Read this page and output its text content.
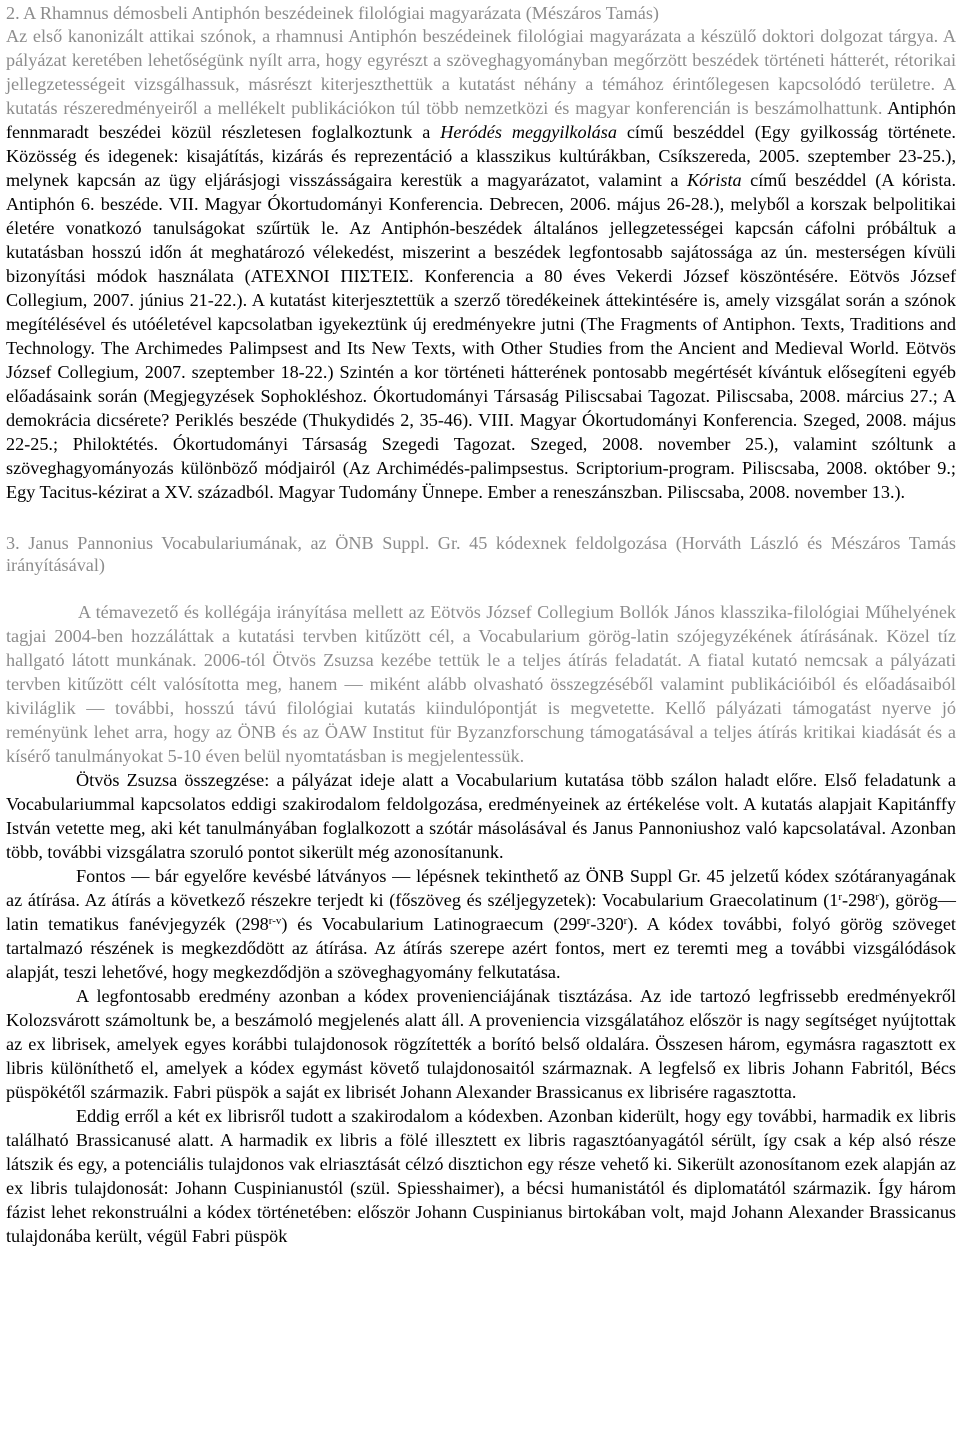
2. A Rhamnus démosbeli Antiphón beszédeinek filológiai magyarázata (Mészáros Tamás)

Az első kanonizált attikai szónok, a rhamnusi Antiphón beszédeinek filológiai magyarázata a készülő doktori dolgozat tárgya. A pályázat keretében lehetőségünk nyílt arra, hogy egyrészt a szöveghagyományban megőrzött beszédek történeti hátterét, rétorikai jellegzetességeit vizsgálhassuk, másrészt kiterjeszthettük a kutatást néhány a témához érintőlegesen kapcsolódó területre. A kutatás részeredményeiről a mellékelt publikációkon túl több nemzetközi és magyar konferencián is beszámolhattunk. Antiphón fennmaradt beszédei közül részletesen foglalkoztunk a Heródés meggyilkolása című beszéddel (Egy gyilkosság története. Közösség és idegenek: kisajátítás, kizárás és reprezentáció a klasszikus kultúrákban, Csíkszereda, 2005. szeptember 23-25.), melynek kapcsán az ügy eljárásjogi visszásságaira kerestük a magyarázatot, valamint a Kórista című beszéddel (A kórista. Antiphón 6. beszéde. VII. Magyar Ókortudományi Konferencia. Debrecen, 2006. május 26-28.), melyből a korszak belpolitikai életére vonatkozó tanulságokat szűrtük le. Az Antiphón-beszédek általános jellegzetességei kapcsán cáfolni próbáltuk a kutatásban hosszú időn át meghatározó vélekedést, miszerint a beszédek legfontosabb sajátossága az ún. mesterségen kívüli bizonyítási módok használata (ΑΤΕΧΝΟΙ ΠΙΣΤΕΙΣ. Konferencia a 80 éves Vekerdi József köszöntésére. Eötvös József Collegium, 2007. június 21-22.). A kutatást kiterjesztettük a szerző töredékeinek áttekintésére is, amely vizsgálat során a szónok megítélésével és utóéletével kapcsolatban igyekeztünk új eredményekre jutni (The Fragments of Antiphon. Texts, Traditions and Technology. The Archimedes Palimpsest and Its New Texts, with Other Studies from the Ancient and Medieval World. Eötvös József Collegium, 2007. szeptember 18-22.) Szintén a kor történeti hátterének pontosabb megértését kívántuk elősegíteni egyéb előadásaink során (Megjegyzések Sophokléshoz. Ókortudományi Társaság Piliscsabai Tagozat. Piliscsaba, 2008. március 27.; A demokrácia dicsérete? Periklés beszéde (Thukydidés 2, 35-46). VIII. Magyar Ókortudományi Konferencia. Szeged, 2008. május 22-25.; Philoktétés. Ókortudományi Társaság Szegedi Tagozat. Szeged, 2008. november 25.), valamint szóltunk a szöveghagyományozás különböző módjairól (Az Archimédés-palimpsestus. Scriptorium-program. Piliscsaba, 2008. október 9.; Egy Tacitus-kézirat a XV. századból. Magyar Tudomány Ünnepe. Ember a reneszánszban. Piliscsaba, 2008. november 13.).

3. Janus Pannonius Vocabulariumának, az ÖNB Suppl. Gr. 45 kódexnek feldolgozása (Horváth László és Mészáros Tamás irányításával)

A témavezető és kollégája irányítása mellett az Eötvös József Collegium Bollók János klasszika-filológiai Műhelyének tagjai 2004-ben hozzáláttak a kutatási tervben kitűzött cél, a Vocabularium görög-latin szójegyzékének átírásának. Közel tíz hallgató látott munkának. 2006-tól Ötvös Zsuzsa kezébe tettük le a teljes átírás feladatát. A fiatal kutató nemcsak a pályázati tervben kitűzött célt valósította meg, hanem — miként alább olvasható összegzéséből valamint publikációiból és előadásaiból kiviláglik — további, hosszú távú filológiai kutatás kiindulópontját is megvetette. Kellő pályázati támogatást nyerve jó reményünk lehet arra, hogy az ÖNB és az ÖAW Institut für Byzanzforschung támogatásával a teljes átírás kritikai kiadását és a kísérő tanulmányokat 5-10 éven belül nyomtatásban is megjelentessük.

Ötvös Zsuzsa összegzése: a pályázat ideje alatt a Vocabularium kutatása több szálon haladt előre. Első feladatunk a Vocabulariummal kapcsolatos eddigi szakirodalom feldolgozása, eredményeinek az értékelése volt. A kutatás alapjait Kapitánffy István vetette meg, aki két tanulmányában foglalkozott a szótár másolásával és Janus Pannoniushoz való kapcsolatával. Azonban több, további vizsgálatra szoruló pontot sikerült még azonosítanunk.

Fontos — bár egyelőre kevésbé látványos — lépésnek tekinthető az ÖNB Suppl Gr. 45 jelzetű kódex szótáranyagának az átírása. Az átírás a következő részekre terjedt ki (főszöveg és széljegyzetek): Vocabularium Graecolatinum (1$^r$-298$^r$), görög—latin tematikus fanévjegyzék (298$^{r-v}$) és Vocabularium Latinograecum (299$^r$-320$^r$). A kódex további, folyó görög szöveget tartalmazó részének is megkezdődött az átírása. Az átírás szerepe azért fontos, mert ez teremti meg a további vizsgálódások alapját, teszi lehetővé, hogy megkezdődjön a szöveghagyomány felkutatása.

A legfontosabb eredmény azonban a kódex provenienciájának tisztázása. Az ide tartozó legfrissebb eredményekről Kolozsvárott számoltunk be, a beszámoló megjelenés alatt áll. A proveniencia vizsgálatához először is nagy segítséget nyújtottak az ex librisek, amelyek egyes korábbi tulajdonosok rögzítették a borító belső oldalára. Összesen három, egymásra ragasztott ex libris különíthető el, amelyek a kódex egymást követő tulajdonosaitól származnak. A legfelső ex libris Johann Fabritól, Bécs püspökétől származik. Fabri püspök a saját ex librisét Johann Alexander Brassicanus ex librisére ragasztotta.

Eddig erről a két ex librisről tudott a szakirodalom a kódexben. Azonban kiderült, hogy egy további, harmadik ex libris található Brassicanusé alatt. A harmadik ex libris a fölé illesztett ex libris ragasztóanyagától sérült, így csak a kép alsó része látszik és egy, a potenciális tulajdonos vak elriasztását célzó disztichon egy része vehető ki. Sikerült azonosítanom ezek alapján az ex libris tulajdonosát: Johann Cuspinianustól (szül. Spiesshaimer), a bécsi humanistától és diplomatától származik. Így három fázist lehet rekonstruálni a kódex történetében: először Johann Cuspinianus birtokában volt, majd Johann Alexander Brassicanus tulajdonába került, végül Fabri püspök
